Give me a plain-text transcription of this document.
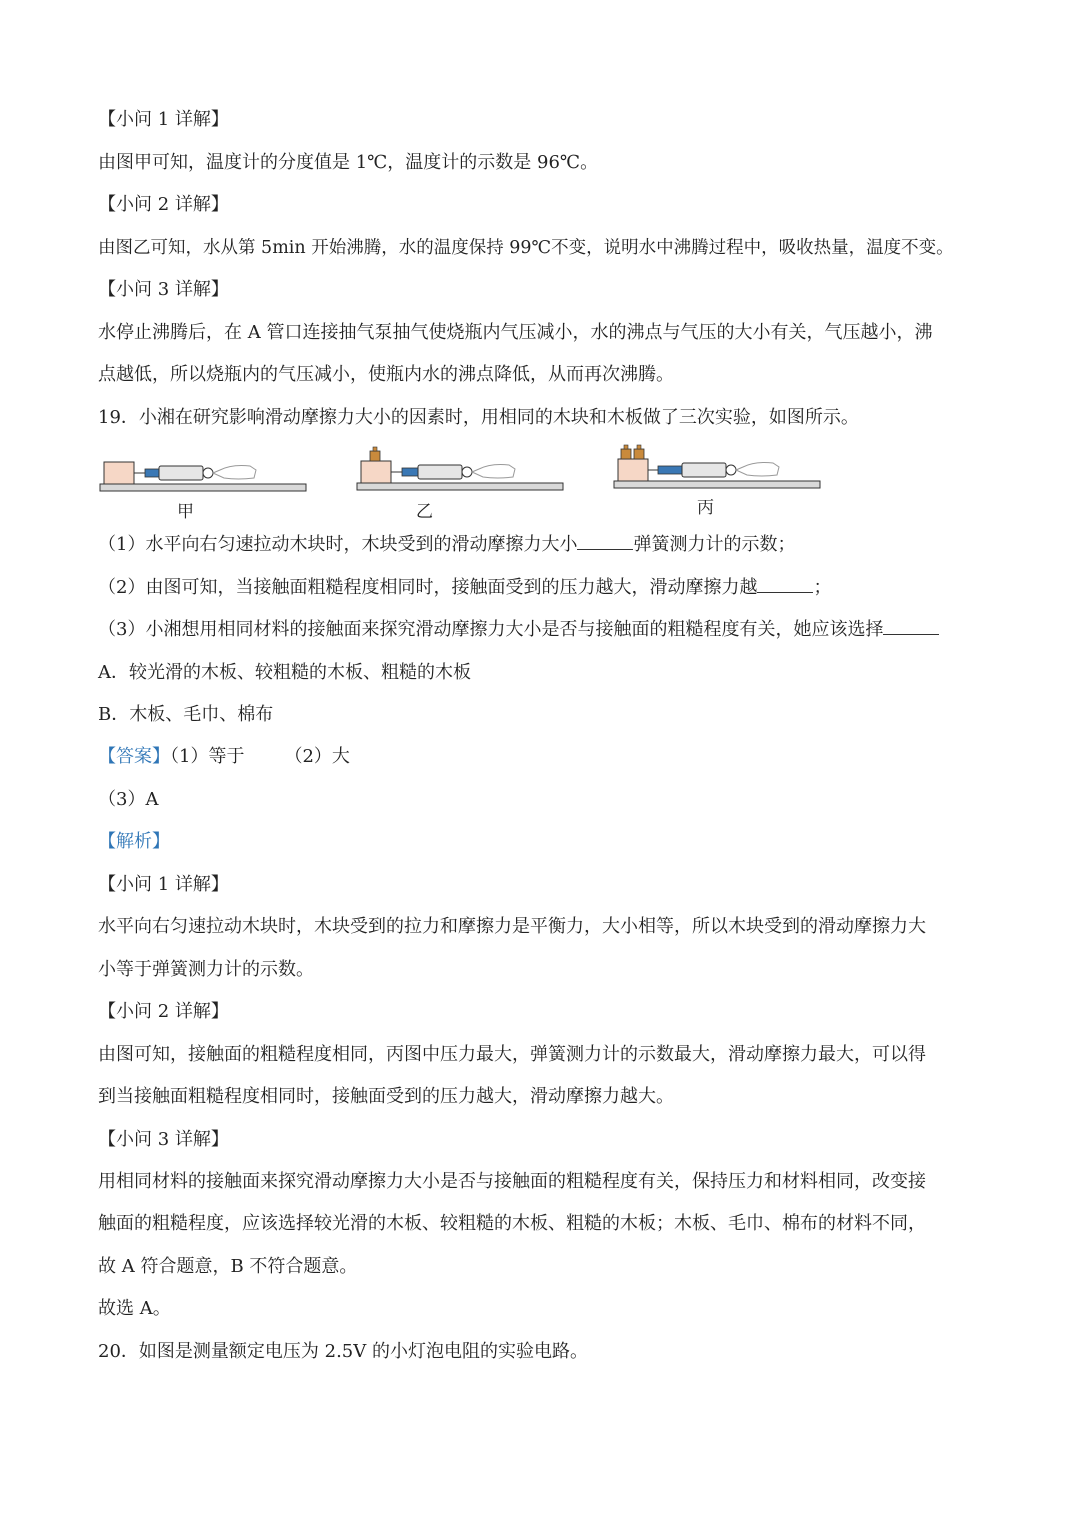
【小问 1 详解】
由图甲可知，温度计的分度值是 1℃，温度计的示数是 96℃。
【小问 2 详解】
由图乙可知，水从第 5min 开始沸腾，水的温度保持 99℃不变，说明水中沸腾过程中，吸收热量，温度不变。
【小问 3 详解】
水停止沸腾后，在 A 管口连接抽气泵抽气使烧瓶内气压减小，水的沸点与气压的大小有关，气压越小，沸
点越低，所以烧瓶内的气压减小，使瓶内水的沸点降低，从而再次沸腾。
19．小湘在研究影响滑动摩擦力大小的因素时，用相同的木块和木板做了三次实验，如图所示。
甲	乙	丙
（1）水平向右匀速拉动木块时，木块受到的滑动摩擦力大小	弹簧测力计的示数；
（2）由图可知，当接触面粗糙程度相同时，接触面受到的压力越大，滑动摩擦力越	；
（3）小湘想用相同材料的接触面来探究滑动摩擦力大小是否与接触面的粗糙程度有关，她应该选择
A．较光滑的木板、较粗糙的木板、粗糙的木板
B．木板、毛巾、棉布
【答案】（1）等于 （2）大
（3）A
【解析】
【小问 1 详解】
水平向右匀速拉动木块时，木块受到的拉力和摩擦力是平衡力，大小相等，所以木块受到的滑动摩擦力大
小等于弹簧测力计的示数。
【小问 2 详解】
由图可知，接触面的粗糙程度相同，丙图中压力最大，弹簧测力计的示数最大，滑动摩擦力最大，可以得
到当接触面粗糙程度相同时，接触面受到的压力越大，滑动摩擦力越大。
【小问 3 详解】
用相同材料的接触面来探究滑动摩擦力大小是否与接触面的粗糙程度有关，保持压力和材料相同，改变接
触面的粗糙程度，应该选择较光滑的木板、较粗糙的木板、粗糙的木板；木板、毛巾、棉布的材料不同，
故 A 符合题意，B 不符合题意。
故选 A。
20．如图是测量额定电压为 2.5V 的小灯泡电阻的实验电路。
